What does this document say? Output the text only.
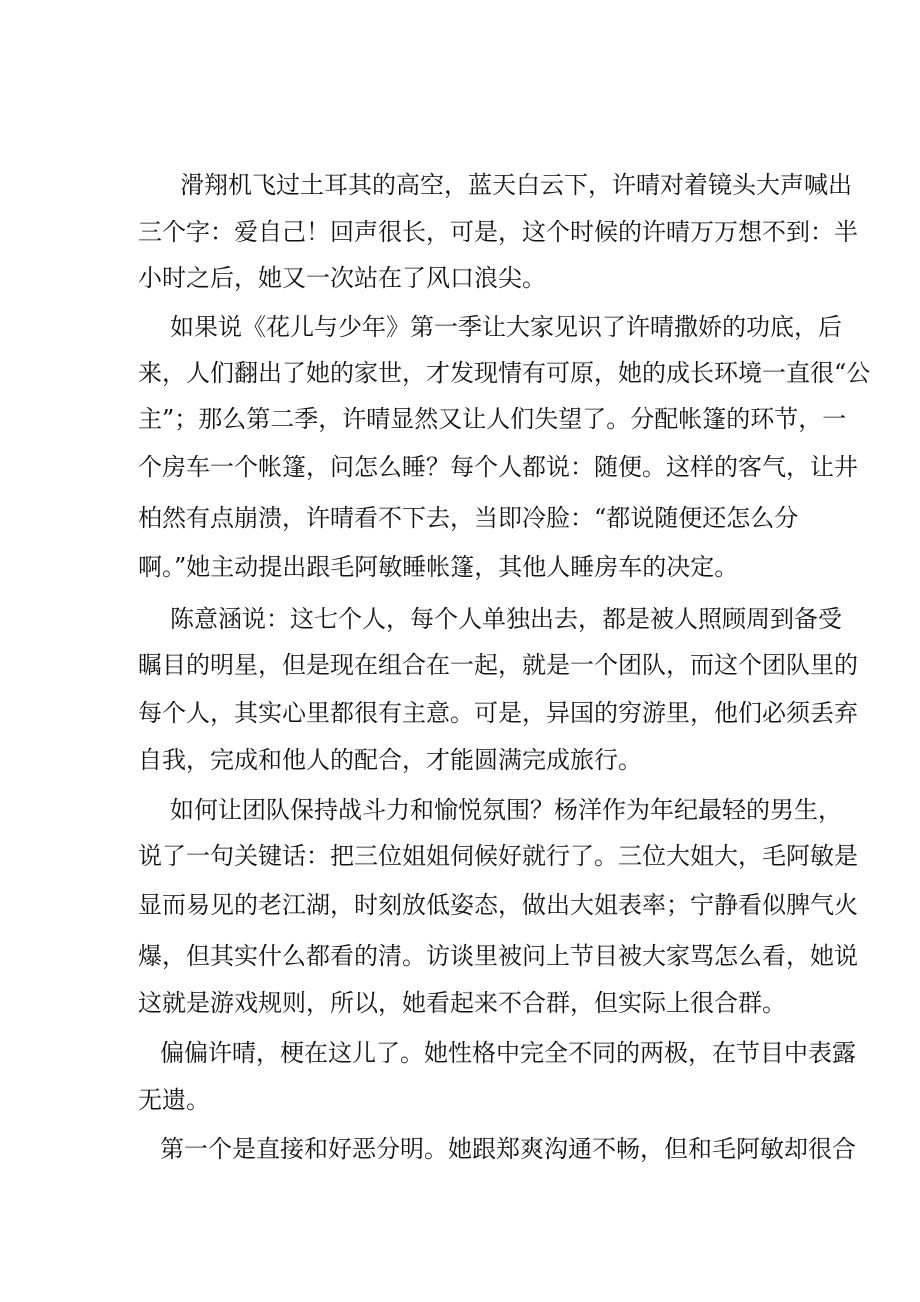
滑翔机飞过土耳其的高空，蓝天白云下，许晴对着镜头大声喊出
三个字：爱自己！回声很长，可是，这个时候的许晴万万想不到：半
小时之后，她又一次站在了风口浪尖。
如果说《花儿与少年》第一季让大家见识了许晴撒娇的功底，后
来，人们翻出了她的家世，才发现情有可原，她的成长环境一直很“公
主”；那么第二季，许晴显然又让人们失望了。分配帐篷的环节，一
个房车一个帐篷，问怎么睡？每个人都说：随便。这样的客气，让井
柏然有点崩溃，许晴看不下去，当即冷脸：“都说随便还怎么分
啊。”她主动提出跟毛阿敏睡帐篷，其他人睡房车的决定。
陈意涵说：这七个人，每个人单独出去，都是被人照顾周到备受
瞩目的明星，但是现在组合在一起，就是一个团队，而这个团队里的
每个人，其实心里都很有主意。可是，异国的穷游里，他们必须丢弃
自我，完成和他人的配合，才能圆满完成旅行。
如何让团队保持战斗力和愉悦氛围？杨洋作为年纪最轻的男生，
说了一句关键话：把三位姐姐伺候好就行了。三位大姐大，毛阿敏是
显而易见的老江湖，时刻放低姿态，做出大姐表率；宁静看似脾气火
爆，但其实什么都看的清。访谈里被问上节目被大家骂怎么看，她说
这就是游戏规则，所以，她看起来不合群，但实际上很合群。
偏偏许晴，梗在这儿了。她性格中完全不同的两极，在节目中表露
无遗。
第一个是直接和好恶分明。她跟郑爽沟通不畅，但和毛阿敏却很合
